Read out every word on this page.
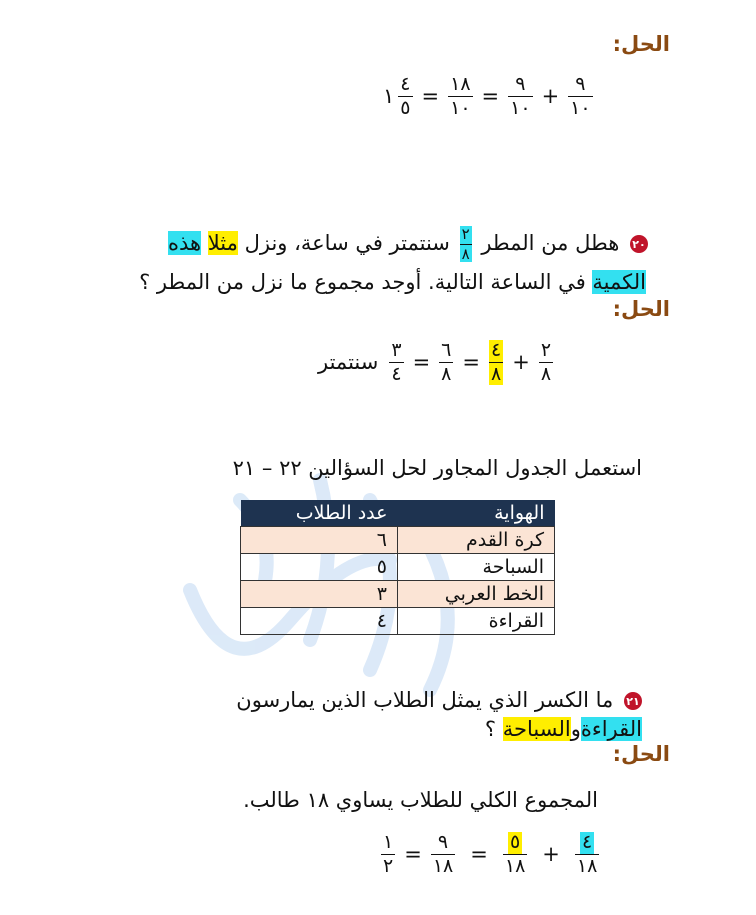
الحل:
١ $\frac{٤}{٥} = \frac{١٨}{١٠} = \frac{٩}{١٠} + \frac{٩}{١٠}$
٢٠ هطل من المطر
$\frac{٢}{٨}$
سنتمتر في ساعة، ونزل مثلا هذه
الكمية في الساعة التالية. أوجد مجموع ما نزل من المطر ؟
الحل:
سنتمتر $\frac{٣}{٤} = \frac{٦}{٨} = \frac{٤}{٨} + \frac{٢}{٨}$
استعمل الجدول المجاور لحل السؤالين ٢٢ – ٢١
الهواية	عدد الطلاب
كرة القدم	٦
السباحة	٥
الخط العربي	٣
القراءة	٤
٢١ ما الكسر الذي يمثل الطلاب الذين يمارسون
القراءةوالسباحة ؟
الحل:
المجموع الكلي للطلاب يساوي ١٨ طالب.
$\frac{١}{٢} = \frac{٩}{١٨} = \frac{٥}{١٨} + \frac{٤}{١٨}$
